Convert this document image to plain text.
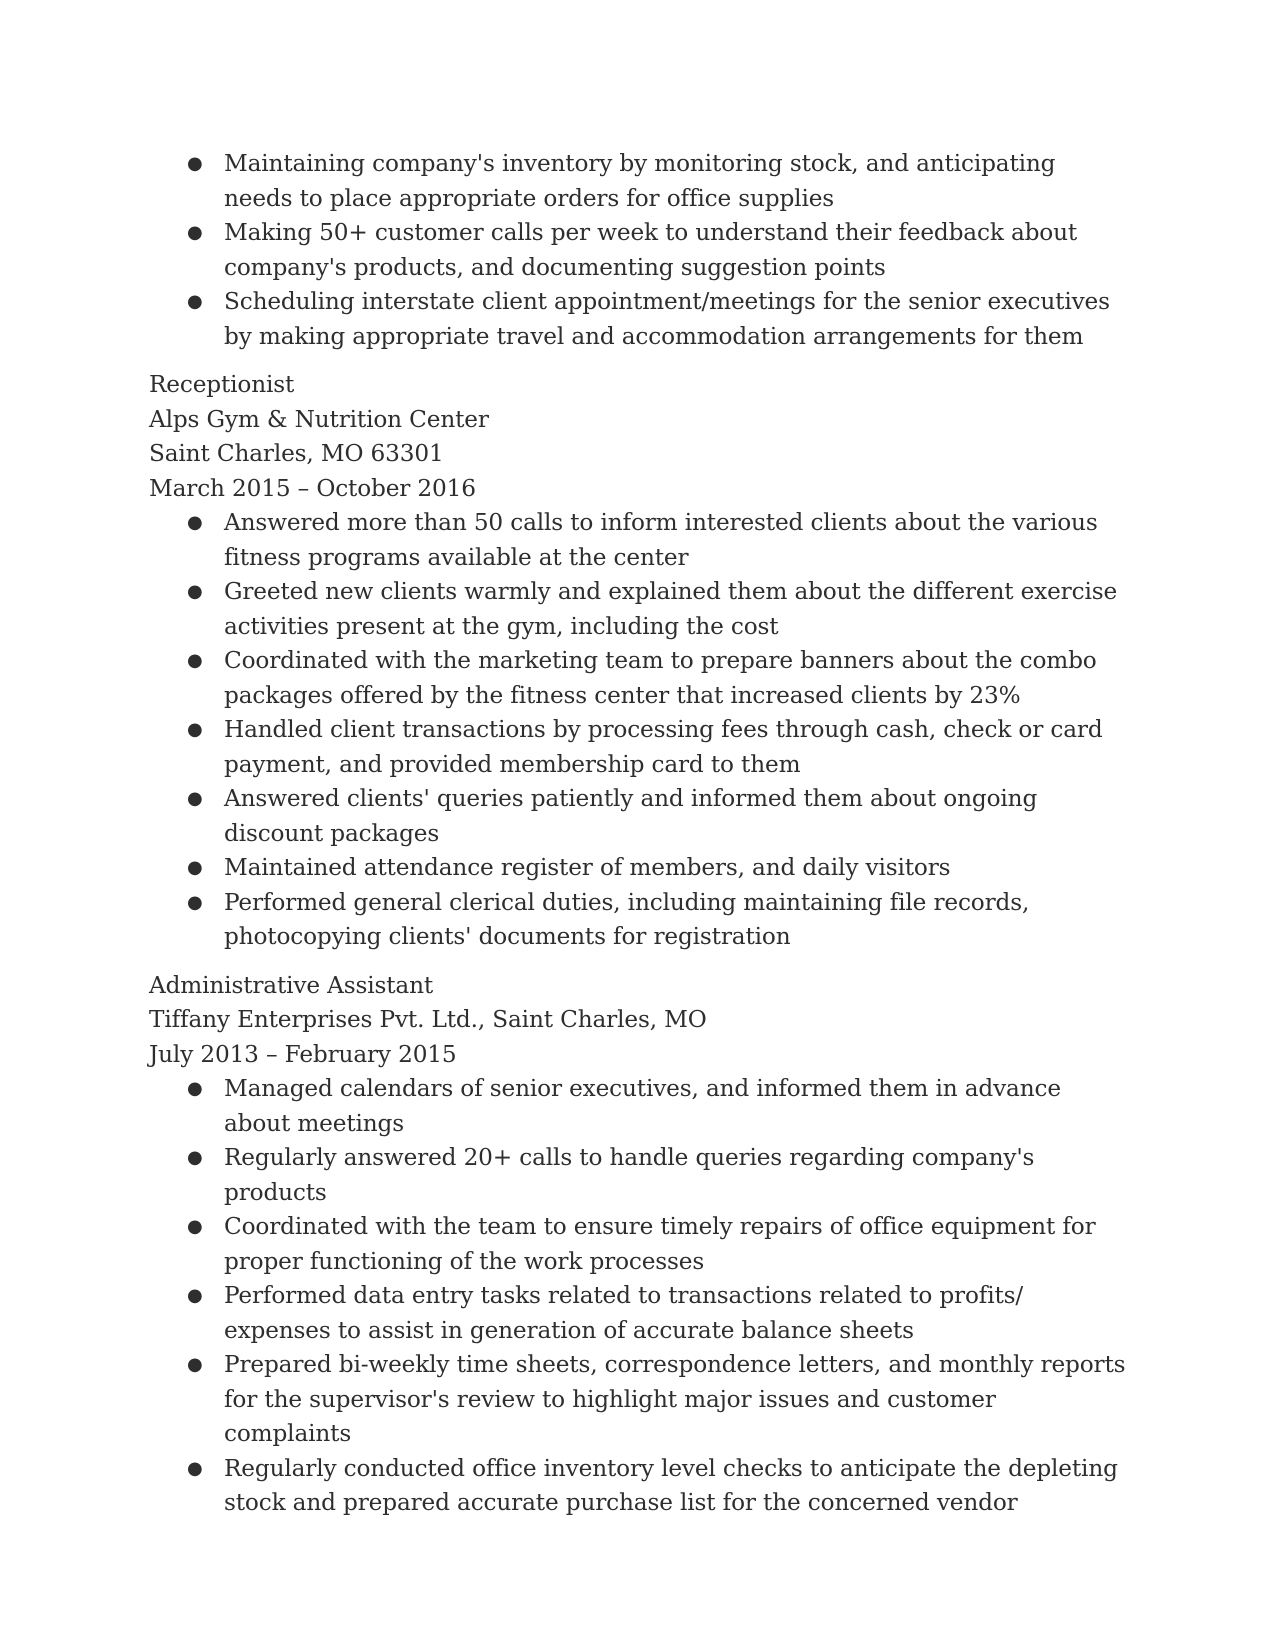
● Maintaining company's inventory by monitoring stock, and anticipating needs to place appropriate orders for office supplies
● Making 50+ customer calls per week to understand their feedback about company's products, and documenting suggestion points
● Scheduling interstate client appointment/meetings for the senior executives by making appropriate travel and accommodation arrangements for them
Receptionist
Alps Gym & Nutrition Center
Saint Charles, MO 63301
March 2015 – October 2016
● Answered more than 50 calls to inform interested clients about the various fitness programs available at the center
● Greeted new clients warmly and explained them about the different exercise activities present at the gym, including the cost
● Coordinated with the marketing team to prepare banners about the combo packages offered by the fitness center that increased clients by 23%
● Handled client transactions by processing fees through cash, check or card payment, and provided membership card to them
● Answered clients' queries patiently and informed them about ongoing discount packages
● Maintained attendance register of members, and daily visitors
● Performed general clerical duties, including maintaining file records, photocopying clients' documents for registration
Administrative Assistant
Tiffany Enterprises Pvt. Ltd., Saint Charles, MO
July 2013 – February 2015
● Managed calendars of senior executives, and informed them in advance about meetings
● Regularly answered 20+ calls to handle queries regarding company's products
● Coordinated with the team to ensure timely repairs of office equipment for proper functioning of the work processes
● Performed data entry tasks related to transactions related to profits/ expenses to assist in generation of accurate balance sheets
● Prepared bi-weekly time sheets, correspondence letters, and monthly reports for the supervisor's review to highlight major issues and customer complaints
● Regularly conducted office inventory level checks to anticipate the depleting stock and prepared accurate purchase list for the concerned vendor
